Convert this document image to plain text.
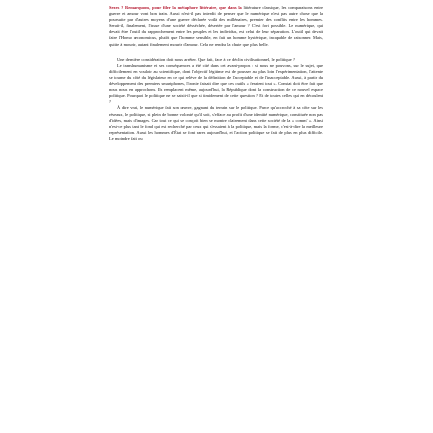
Sexes ? Remarquons, pour filer la métaphore littéraire, que dans la littérature classique, les comparaisons entre guerre et amour vont bon train. Aussi n'est-il pas interdit de penser que le numérique n'est pas autre chose que la poursuite par d'autres moyens d'une guerre déclarée voilà des millénaires, premier des conflits entre les hommes. Serait-il, finalement, l'issue d'une société désséchée, désertée par l'amour ? C'est fort possible. Le numérique, qui devait être l'outil du rapprochement entre les peuples et les individus, est celui de leur séparation. L'outil qui devait faire l'Homo œconomicus, plutôt que l'homme sensible, en fait un homme hystérique, incapable de raisonner. Mais, quitte à mourir, autant finalement mourir d'amour. Cela ne rendra la chute que plus belle.

Une dernière considération doit nous arrêter. Que fait, face à ce déclin civilisationnel, le politique ?

Le transhumanisme et ses conséquences a été cité dans cet avant-propos : si nous ne pouvons, sur le sujet, que difficilement en vouloir au scientifique, dont l'objectif légitime est de pousser au plus loin l'expérimentation, l'attente se tourne du côté du législateur en ce qui relève de la définition de l'acceptable et de l'inacceptable. Aussi, à partir du développement des premiers smartphones, l'ironie faisait dire que ces outils « feraient tout ». Constat doit être fait que nous nous en approchons. Ils remplacent même, aujourd'hui, la République dont la construction de ce nouvel espace politique. Pourquoi le politique ne se saisit-il que si timidement de cette question ? Et de toutes celles qui en découlent ?

À dire vrai, le numérique fait son œuvre, gagnant du terrain sur le politique. Parce qu'accroché à sa côte sur les réseaux, le politique, si plein de bonne volonté qu'il soit, s'efface au profit d'une identité numérique, constituée non pas d'idées, mais d'images. Car tout ce qui se conçoit bien se montre clairement dans cette société de la « comm' ». Ainsi n'est-ce plus tant le fond qui est recherché par ceux qui s'essaient à la politique, mais la forme, c'est-à-dire la meilleure représentation. Aussi les hommes d'État se font rares aujourd'hui, et l'action politique se fait de plus en plus difficile. Le moindre fait ou
